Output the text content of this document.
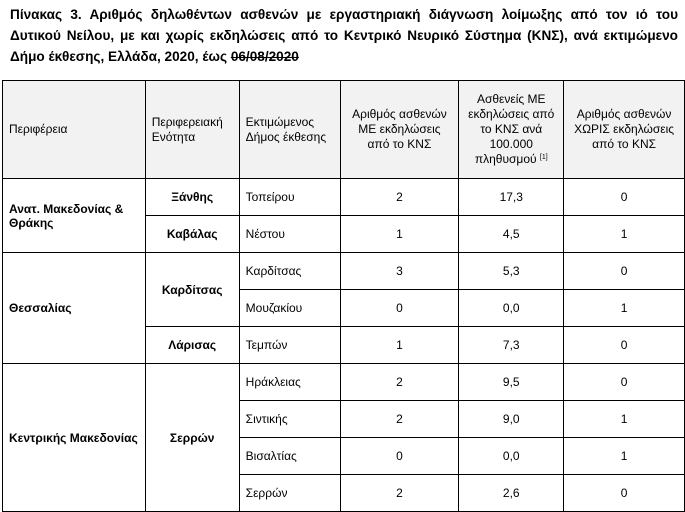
Πίνακας 3. Αριθμός δηλωθέντων ασθενών με εργαστηριακή διάγνωση λοίμωξης από τον ιό του Δυτικού Νείλου, με και χωρίς εκδηλώσεις από το Κεντρικό Νευρικό Σύστημα (ΚΝΣ), ανά εκτιμώμενο Δήμο έκθεσης, Ελλάδα, 2020, έως 06/08/2020
Περιφέρεια	Περιφερειακή Ενότητα	Εκτιμώμενος Δήμος έκθεσης	Αριθμός ασθενών ΜΕ εκδηλώσεις από το ΚΝΣ	Ασθενείς ΜΕ εκδηλώσεις από το ΚΝΣ ανά 100.000 πληθυσμού [1]	Αριθμός ασθενών ΧΩΡΙΣ εκδηλώσεις από το ΚΝΣ
Ανατ. Μακεδονίας & Θράκης	Ξάνθης	Τοπείρου	2	17,3	0
	Καβάλας	Νέστου	1	4,5	1
Θεσσαλίας	Καρδίτσας	Καρδίτσας	3	5,3	0
		Μουζακίου	0	0,0	1
	Λάρισας	Τεμπών	1	7,3	0
Κεντρικής Μακεδονίας	Σερρών	Ηράκλειας	2	9,5	0
		Σιντικής	2	9,0	1
		Βισαλτίας	0	0,0	1
		Σερρών	2	2,6	0
